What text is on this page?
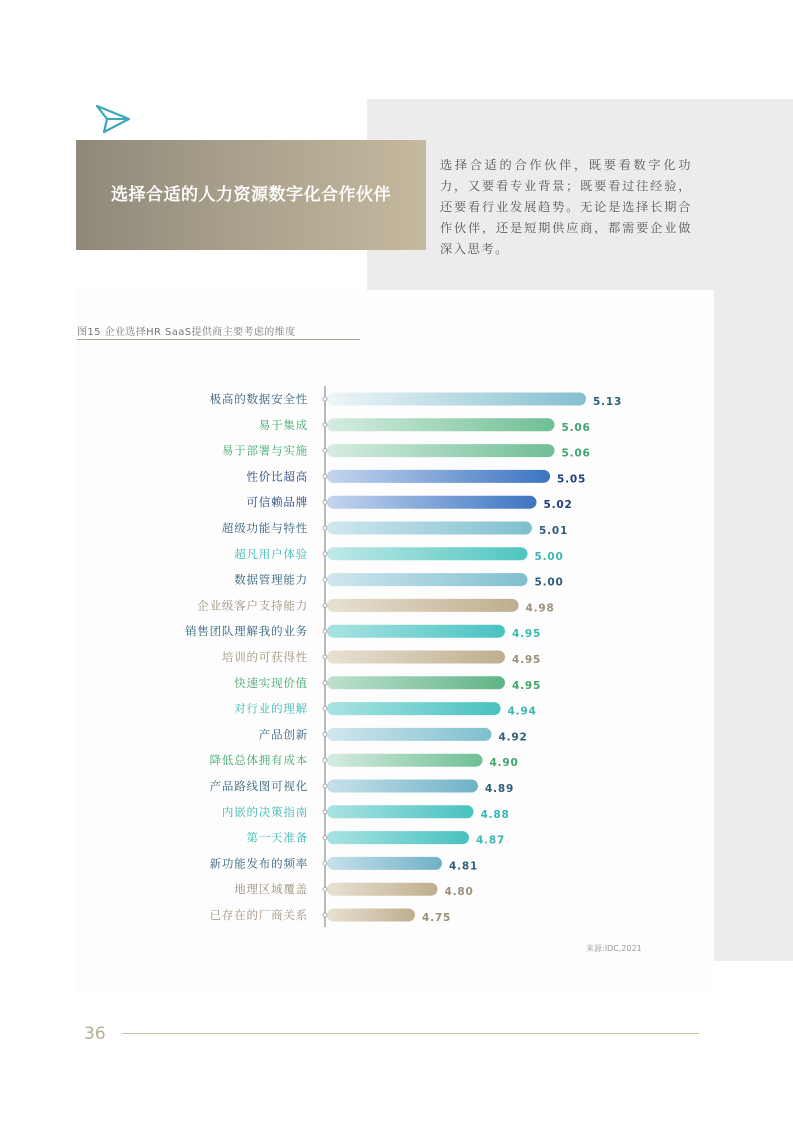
选择合适的人力资源数字化合作伙伴
选择合适的合作伙伴，既要看数字化功力，又要看专业背景；既要看过往经验，还要看行业发展趋势。无论是选择长期合作伙伴，还是短期供应商，都需要企业做深入思考。
图15 企业选择HR SaaS提供商主要考虑的维度
极高的数据安全性	5.13
易于集成	5.06
易于部署与实施	5.06
性价比超高	5.05
可信赖品牌	5.02
超级功能与特性	5.01
超凡用户体验	5.00
数据管理能力	5.00
企业级客户支持能力	4.98
销售团队理解我的业务	4.95
培训的可获得性	4.95
快速实现价值	4.95
对行业的理解	4.94
产品创新	4.92
降低总体拥有成本	4.90
产品路线图可视化	4.89
内嵌的决策指南	4.88
第一天准备	4.87
新功能发布的频率	4.81
地理区域覆盖	4.80
已存在的厂商关系	4.75
来源:IDC,2021
36
